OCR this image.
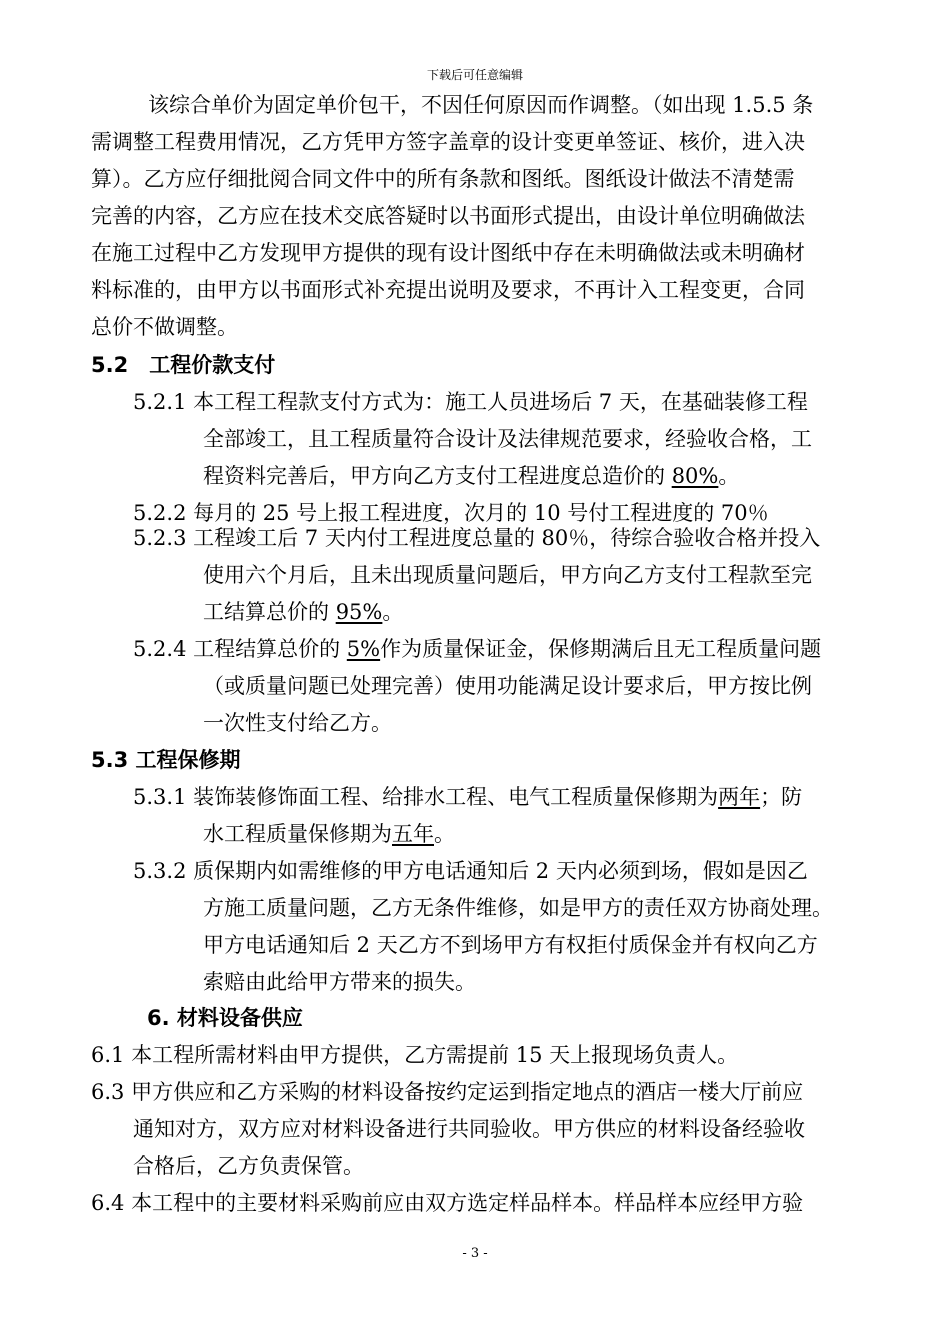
下载后可任意编辑
该综合单价为固定单价包干，不因任何原因而作调整。（如出现 1.5.5 条
需调整工程费用情况，乙方凭甲方签字盖章的设计变更单签证、核价，进入决
算）。乙方应仔细批阅合同文件中的所有条款和图纸。图纸设计做法不清楚需
完善的内容，乙方应在技术交底答疑时以书面形式提出，由设计单位明确做法
在施工过程中乙方发现甲方提供的现有设计图纸中存在未明确做法或未明确材
料标准的，由甲方以书面形式补充提出说明及要求，不再计入工程变更，合同
总价不做调整。
5.2　工程价款支付
5.2.1 本工程工程款支付方式为：施工人员进场后 7 天，在基础装修工程
全部竣工，且工程质量符合设计及法律规范要求，经验收合格，工
程资料完善后，甲方向乙方支付工程进度总造价的 80%。
5.2.2 每月的 25 号上报工程进度，次月的 10 号付工程进度的 70％
5.2.3 工程竣工后 7 天内付工程进度总量的 80％，待综合验收合格并投入
使用六个月后，且未出现质量问题后，甲方向乙方支付工程款至完
工结算总价的 95%。
5.2.4 工程结算总价的 5%作为质量保证金，保修期满后且无工程质量问题
（或质量问题已处理完善）使用功能满足设计要求后，甲方按比例
一次性支付给乙方。
5.3 工程保修期
5.3.1 装饰装修饰面工程、给排水工程、电气工程质量保修期为两年；防
水工程质量保修期为五年。
5.3.2 质保期内如需维修的甲方电话通知后 2 天内必须到场，假如是因乙
方施工质量问题，乙方无条件维修，如是甲方的责任双方协商处理。
甲方电话通知后 2 天乙方不到场甲方有权拒付质保金并有权向乙方
索赔由此给甲方带来的损失。
6. 材料设备供应
6.1 本工程所需材料由甲方提供，乙方需提前 15 天上报现场负责人。
6.3 甲方供应和乙方采购的材料设备按约定运到指定地点的酒店一楼大厅前应
通知对方，双方应对材料设备进行共同验收。甲方供应的材料设备经验收
合格后，乙方负责保管。
6.4 本工程中的主要材料采购前应由双方选定样品样本。样品样本应经甲方验
- 3 -
